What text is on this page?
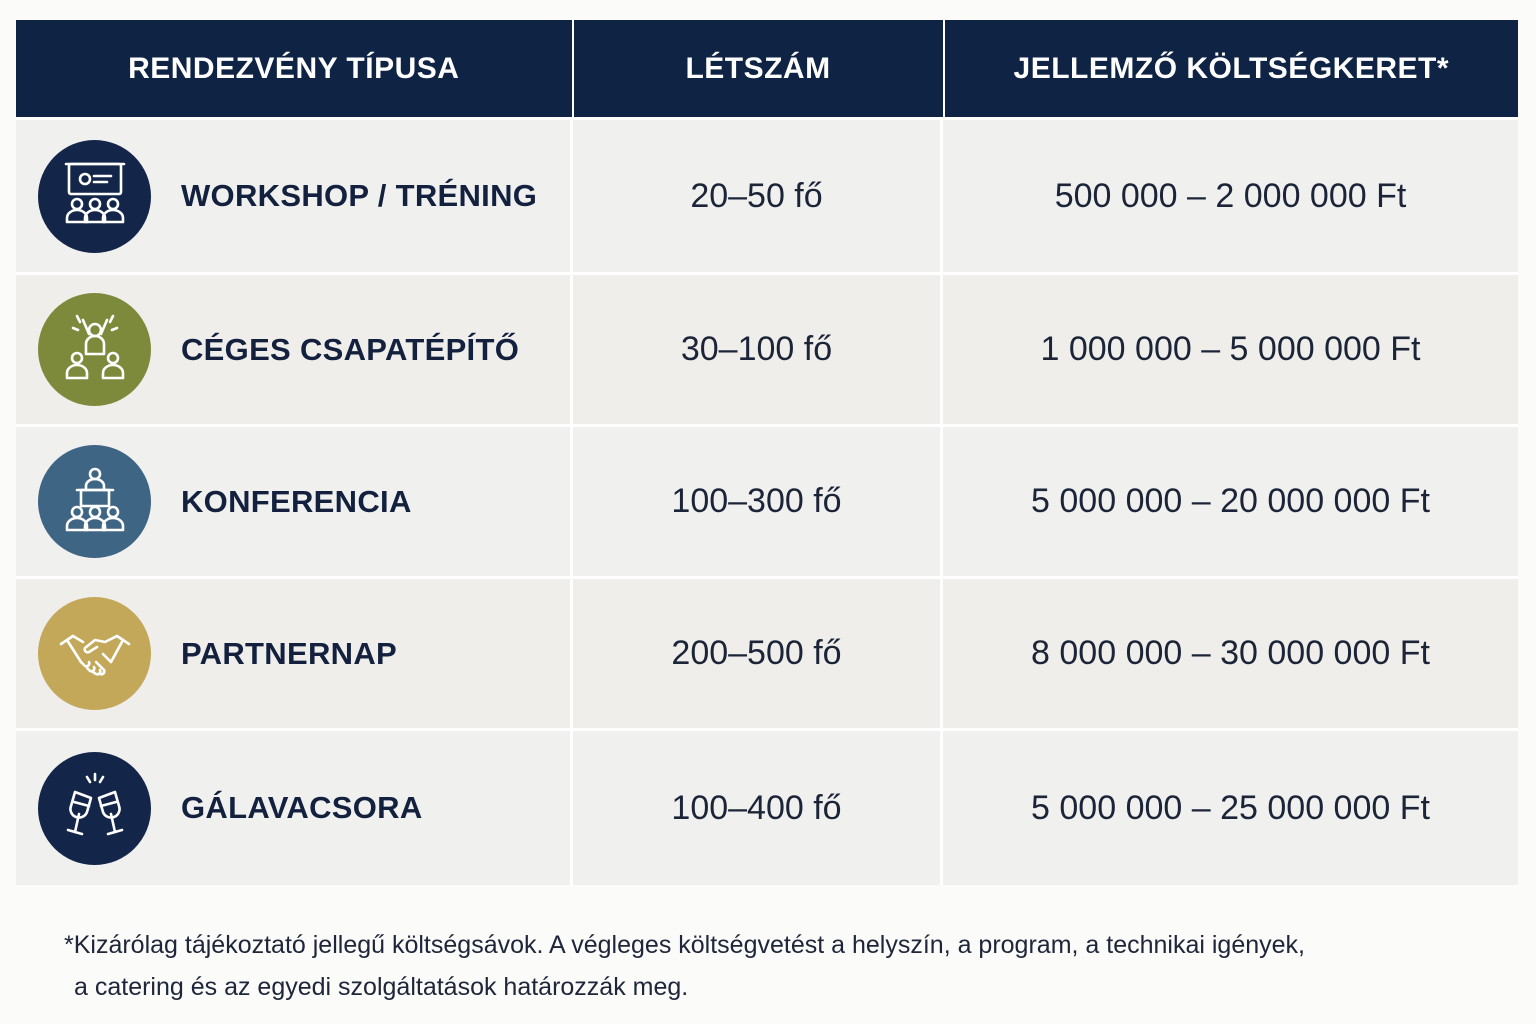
RENDEZVÉNY TÍPUSA	LÉTSZÁM	JELLEMZŐ KÖLTSÉGKERET*
WORKSHOP / TRÉNING	20–50 fő	500 000 – 2 000 000 Ft
CÉGES CSAPATÉPÍTŐ	30–100 fő	1 000 000 – 5 000 000 Ft
KONFERENCIA	100–300 fő	5 000 000 – 20 000 000 Ft
PARTNERNAP	200–500 fő	8 000 000 – 30 000 000 Ft
GÁLAVACSORA	100–400 fő	5 000 000 – 25 000 000 Ft
*Kizárólag tájékoztató jellegű költségsávok. A végleges költségvetést a helyszín, a program, a technikai igények,
a catering és az egyedi szolgáltatások határozzák meg.
